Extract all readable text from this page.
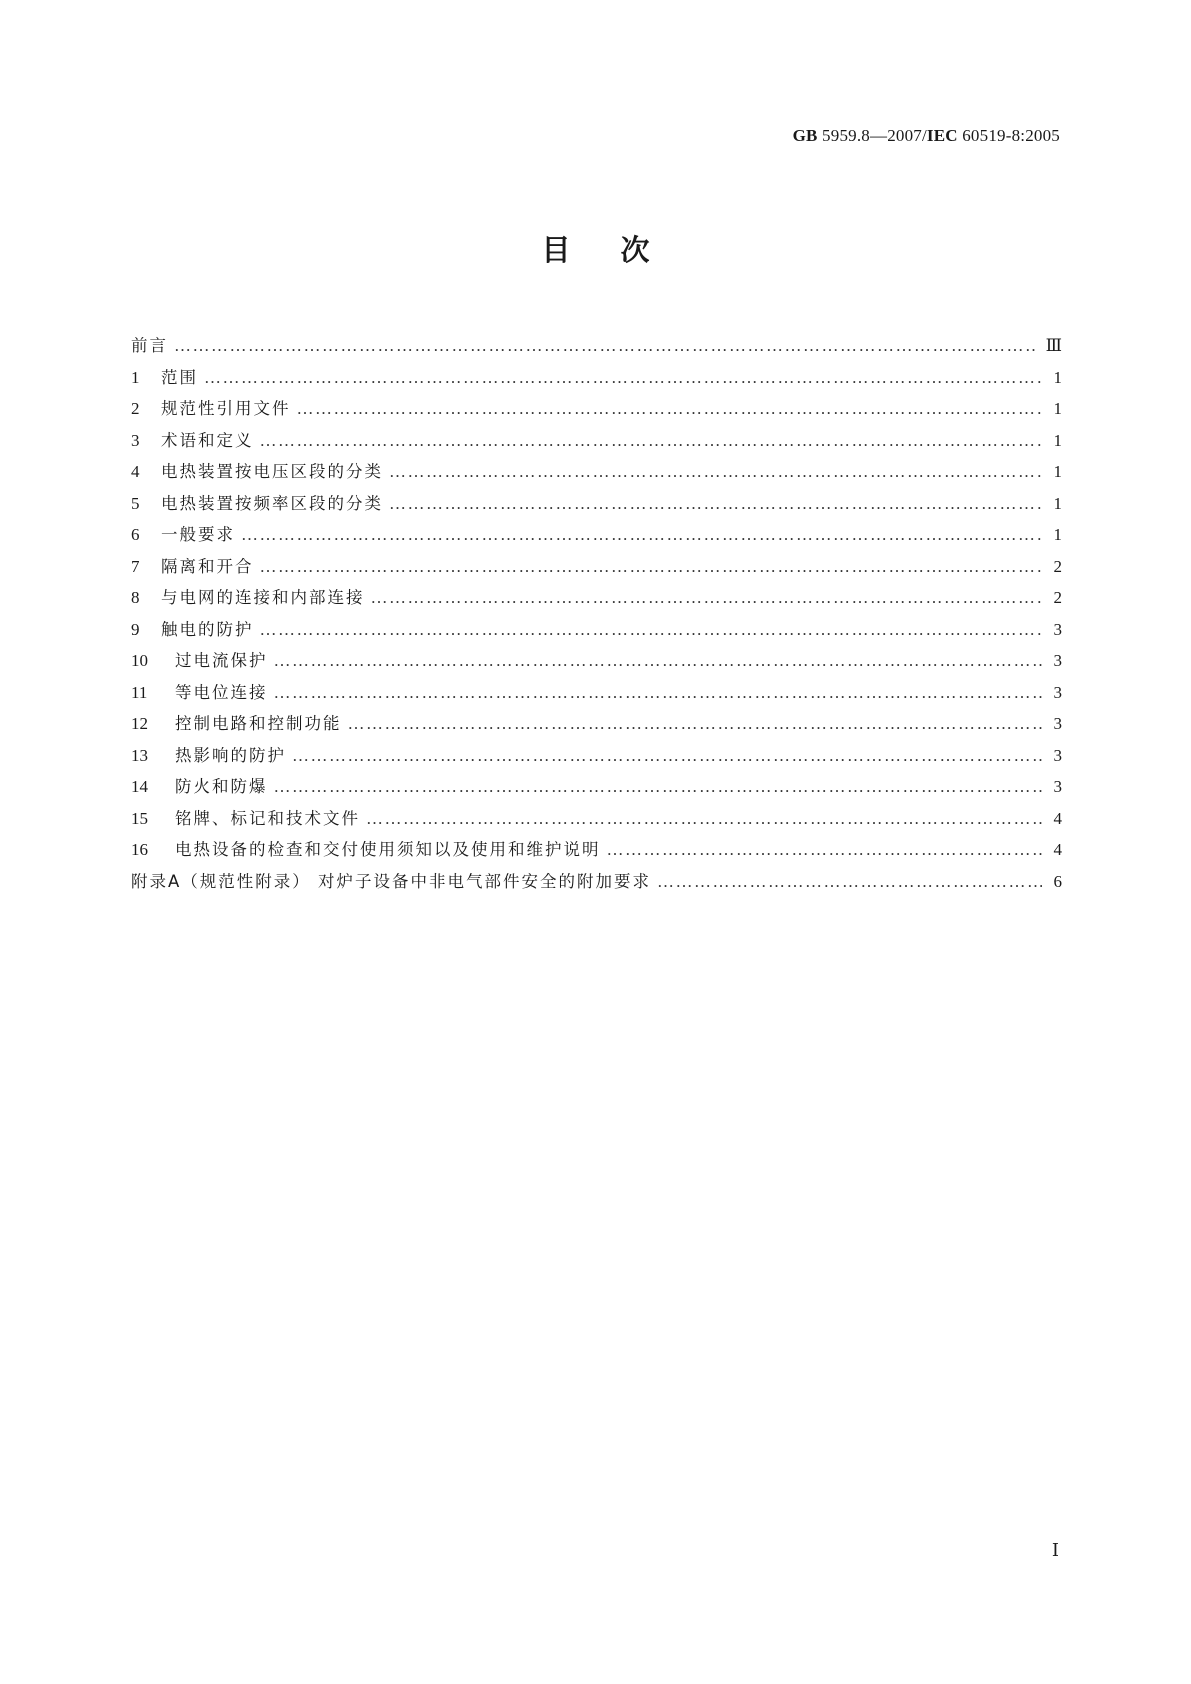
GB 5959.8—2007/IEC 60519-8:2005
目次
前言 …………………………………………………………………………………………………………………………………………………………………………………………………………………………………………	Ⅲ
1	范围 …………………………………………………………………………………………………………………………………………………………………………………………………………………………………………	1
2	规范性引用文件 …………………………………………………………………………………………………………………………………………………………………………………………………………………………………………	1
3	术语和定义 …………………………………………………………………………………………………………………………………………………………………………………………………………………………………………	1
4	电热装置按电压区段的分类 …………………………………………………………………………………………………………………………………………………………………………………………………………………………………………	1
5	电热装置按频率区段的分类 …………………………………………………………………………………………………………………………………………………………………………………………………………………………………………	1
6	一般要求 …………………………………………………………………………………………………………………………………………………………………………………………………………………………………………	1
7	隔离和开合 …………………………………………………………………………………………………………………………………………………………………………………………………………………………………………	2
8	与电网的连接和内部连接 …………………………………………………………………………………………………………………………………………………………………………………………………………………………………………	2
9	触电的防护 …………………………………………………………………………………………………………………………………………………………………………………………………………………………………………	3
10	过电流保护 …………………………………………………………………………………………………………………………………………………………………………………………………………………………………………	3
11	等电位连接 …………………………………………………………………………………………………………………………………………………………………………………………………………………………………………	3
12	控制电路和控制功能 …………………………………………………………………………………………………………………………………………………………………………………………………………………………………………	3
13	热影响的防护 …………………………………………………………………………………………………………………………………………………………………………………………………………………………………………	3
14	防火和防爆 …………………………………………………………………………………………………………………………………………………………………………………………………………………………………………	3
15	铭牌、标记和技术文件 …………………………………………………………………………………………………………………………………………………………………………………………………………………………………………	4
16	电热设备的检查和交付使用须知以及使用和维护说明 …………………………………………………………………………………………………………………………………………………………………………………………………………………………………………	4
附录A（规范性附录） 对炉子设备中非电气部件安全的附加要求 …………………………………………………………………………………………………………………………………………………………………………………………………………………………………………	6
Ⅰ
